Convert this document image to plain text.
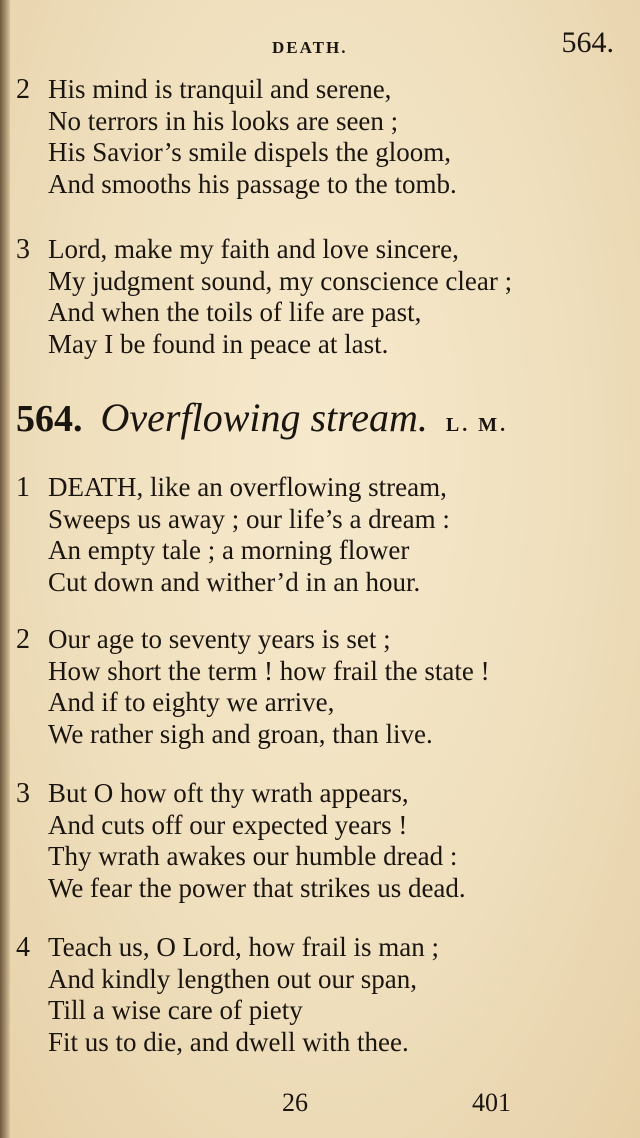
DEATH.	564.
2 His mind is tranquil and serene,
No terrors in his looks are seen ;
His Savior’s smile dispels the gloom,
And smooths his passage to the tomb.
3 Lord, make my faith and love sincere,
My judgment sound, my conscience clear ;
And when the toils of life are past,
May I be found in peace at last.
564. Overflowing stream. L. M.
1 DEATH, like an overflowing stream,
Sweeps us away ; our life’s a dream :
An empty tale ; a morning flower
Cut down and wither’d in an hour.
2 Our age to seventy years is set ;
How short the term ! how frail the state !
And if to eighty we arrive,
We rather sigh and groan, than live.
3 But O how oft thy wrath appears,
And cuts off our expected years !
Thy wrath awakes our humble dread :
We fear the power that strikes us dead.
4 Teach us, O Lord, how frail is man ;
And kindly lengthen out our span,
Till a wise care of piety
Fit us to die, and dwell with thee.
26	401
